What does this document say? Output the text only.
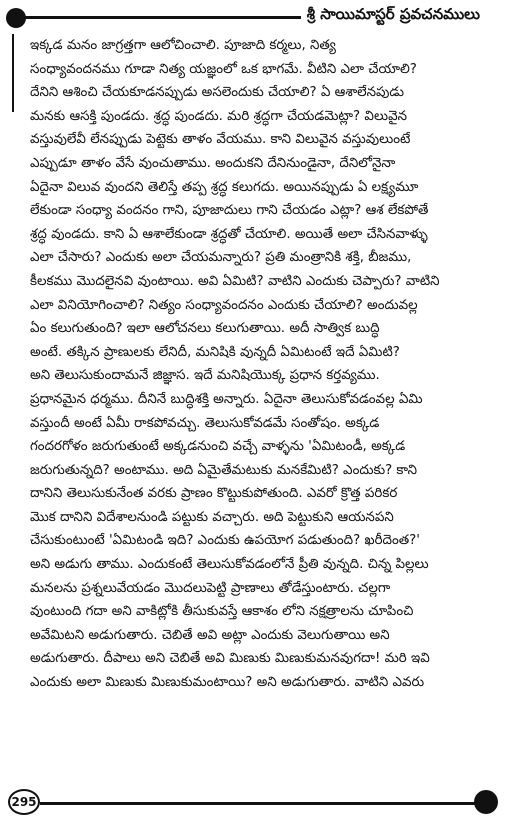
శ్రీ సాయిమాస్టర్ ప్రవచనములు
ఇక్కడ మనం జాగ్రత్తగా ఆలోచించాలి. పూజాది కర్మలు, నిత్య
సంధ్యావందనము గూడా నిత్య యజ్ఞంలో ఒక భాగమే. వీటిని ఎలా చేయాలి?
దేనిని ఆశించి చేయకూడనప్పుడు అసలెందుకు చేయాలి? ఏ ఆశాలేనపుడు
మనకు ఆసక్తి పుండదు. శ్రద్ధ పుండదు. మరి శ్రద్ధగా చేయడమెట్లా? విలువైన
వస్తువులేవీ లేనప్పుడు పెట్టెకు తాళం వేయము. కాని విలువైన వస్తువులుంటే
ఎప్పుడూ తాళం వేసే వుంచుతాము. అందుకని దేనినుండైనా, దేనిలోనైనా
ఏదైనా విలువ వుందని తెలిస్తే తప్ప శ్రద్ధ కలుగదు. అయినప్పుడు ఏ లక్ష్యమూ
లేకుండా సంధ్యా వందనం గాని, పూజాదులు గాని చేయడం ఎట్లా? ఆశ లేకపోతే
శ్రద్ధ వుండదు. కాని ఏ ఆశాలేకుండా శ్రద్ధతో చేయాలి. అయితే అలా చేసినవాళ్ళు
ఎలా చేసారు? ఎందుకు అలా చేయమన్నారు? ప్రతి మంత్రానికి శక్తి, బీజము,
కీలకము మొదలైనవి వుంటాయి. అవి ఏమిటి? వాటిని ఎందుకు చెప్పారు? వాటిని
ఎలా వినియోగించాలి? నిత్యం సంధ్యావందనం ఎందుకు చేయాలి? అందువల్ల
ఏం కలుగుతుంది? ఇలా ఆలోచనలు కలుగుతాయి. అదీ సాత్విక బుద్ధి
అంటే. తక్కిన ప్రాణులకు లేనిదీ, మనిషికి వున్నదీ ఏమిటంటే ఇదే ఏమిటి?
అని తెలుసుకుందామనే జిజ్ఞాస. ఇదే మనిషియొక్క ప్రధాన కర్తవ్యము.
ప్రధానమైన ధర్మము. దీనినే బుద్ధిశక్తి అన్నారు. ఏదైనా తెలుసుకోవడంవల్ల ఏమి
వస్తుందీ అంటే ఏమీ రాకపోవచ్చు. తెలుసుకోవడమే సంతోషం. అక్కడ
గందరగోళం జరుగుతుంటే అక్కడనుంచి వచ్చే వాళ్ళను 'ఏమిటండీ, అక్కడ
జరుగుతున్నది? అంటాము. అది ఏమైతేమటుకు మనకేమిటి? ఎందుకు? కాని
దానిని తెలుసుకునేంత వరకు ప్రాణం కొట్టుకుపోతుంది. ఎవరో క్రొత్త పరికర
మొక దానిని విదేశాలనుండి పట్టుకు వచ్చారు. అది పెట్టుకుని ఆయనపని
చేసుకుంటుంటే 'ఏమిటండి ఇది? ఎందుకు ఉపయోగ పడుతుంది? ఖరీదెంత?'
అని అడుగు తాము. ఎందుకంటే తెలుసుకోవడంలోనే ప్రీతి వున్నది. చిన్న పిల్లలు
మనలను ప్రశ్నలువేయడం మొదలుపెట్టి ప్రాణాలు తోడేస్తుంటారు. చల్లగా
వుంటుంది గదా అని వాకిట్లోకి తీసుకువస్తే ఆకాశం లోని నక్షత్రాలను చూపించి
అవేమిటని అడుగుతారు. చెబితే అవి అట్లా ఎందుకు వెలుగుతాయి అని
అడుగుతారు. దీపాలు అని చెబితే అవి మిణుకు మిణుకుమనవుగదా! మరి ఇవి
ఎందుకు అలా మిణుకు మిణుకుమంటాయి? అని అడుగుతారు. వాటిని ఎవరు
295
